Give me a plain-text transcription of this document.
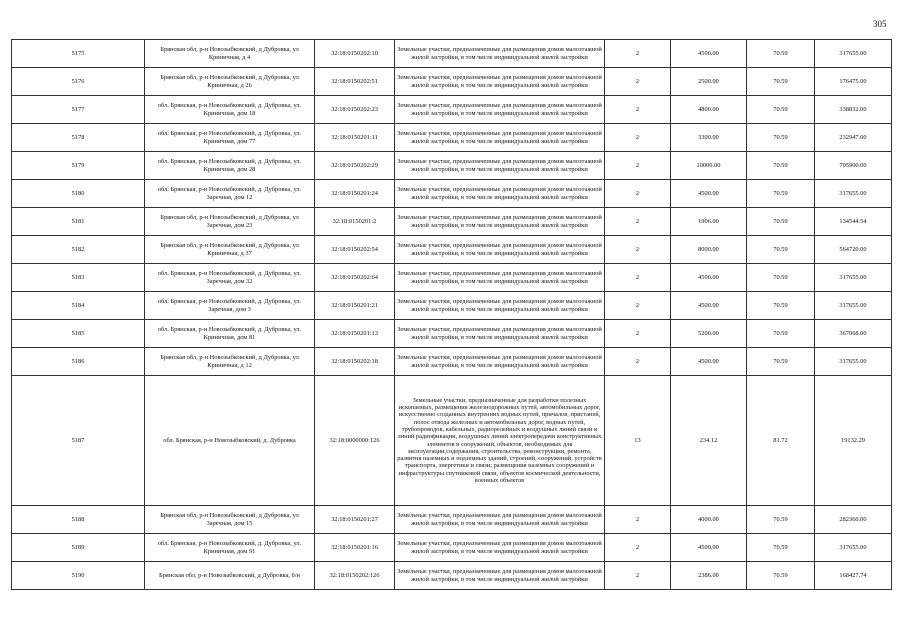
305
5175	Брянская обл, р-н Новозыбковский, д Дубровка, ул Криничная, д 4	32:18:0150202:10	Земельные участки, предназначенные для размещения домов малоэтажной жилой застройки, в том числе индивидуальной жилой застройки	2	4500.00	70.59	317655.00
5176	Брянская обл, р-н Новозыбковский, д Дубровка, ул Криничная, д 26	32:18:0150202:51	Земельные участки, предназначенные для размещения домов малоэтажной жилой застройки, в том числе индивидуальной жилой застройки	2	2500.00	70.59	176475.00
5177	обл. Брянская, р-н Новозыбковский, д. Дубровка, ул. Криничная, дом 18	32:18:0150202:23	Земельные участки, предназначенные для размещения домов малоэтажной жилой застройки, в том числе индивидуальной жилой застройки	2	4800.00	70.59	338832.00
5178	обл. Брянская, р-н Новозыбковский, д. Дубровка, ул. Криничная, дом 77	32:18:0150201:11	Земельные участки, предназначенные для размещения домов малоэтажной жилой застройки, в том числе индивидуальной жилой застройки	2	3300.00	70.59	232947.00
5179	обл. Брянская, р-н Новозыбковский, д. Дубровка, ул. Криничная, дом 28	32:18:0150202:29	Земельные участки, предназначенные для размещения домов малоэтажной жилой застройки, в том числе индивидуальной жилой застройки	2	10000.00	70.59	705900.00
5180	обл. Брянская, р-н Новозыбковский, д. Дубровка, ул. Заречная, дом 12	32:18:0150201:24	Земельные участки, предназначенные для размещения домов малоэтажной жилой застройки, в том числе индивидуальной жилой застройки	2	4500.00	70.59	317655.00
5181	Брянская обл, р-н Новозыбковский, д Дубровка, ул Заречная, дом 23	32:18:0150201:2	Земельные участки, предназначенные для размещения домов малоэтажной жилой застройки, в том числе индивидуальной жилой застройки	2	1906.00	70.59	134544.54
5182	Брянская обл, р-н Новозыбковский, д Дубровка, ул Криничная, д 37	32:18:0150202:54	Земельные участки, предназначенные для размещения домов малоэтажной жилой застройки, в том числе индивидуальной жилой застройки	2	8000.00	70.59	564720.00
5183	обл. Брянская, р-н Новозыбковский, д. Дубровка, ул. Заречная, дом 32	32:18:0150202:64	Земельные участки, предназначенные для размещения домов малоэтажной жилой застройки, в том числе индивидуальной жилой застройки	2	4500.00	70.59	317655.00
5184	обл. Брянская, р-н Новозыбковский, д. Дубровка, ул. Заречная, дом 3	32:18:0150201:21	Земельные участки, предназначенные для размещения домов малоэтажной жилой застройки, в том числе индивидуальной жилой застройки	2	4500.00	70.59	317655.00
5185	обл. Брянская, р-н Новозыбковский, д. Дубровка, ул. Криничная, дом 81	32:18:0150201:13	Земельные участки, предназначенные для размещения домов малоэтажной жилой застройки, в том числе индивидуальной жилой застройки	2	5200.00	70.59	367068.00
5186	Брянская обл, р-н Новозыбковский, д Дубровка, ул Криничная, д 12	32:18:0150202:18	Земельные участки, предназначенные для размещения домов малоэтажной жилой застройки, в том числе индивидуальной жилой застройки	2	4500.00	70.59	317655.00
5187	обл. Брянская, р-н Новозыбковский, д. Дубровка	32:18:0000000:126	Земельные участки, предназначенные для разработки полезных ископаемых, размещения железнодорожных путей, автомобильных дорог, искусственно созданных внутренних водных путей, причалов, пристаней, полос отвода железных и автомобильных дорог, водных путей, трубопроводов, кабельных, радиорелейных и воздушных линий связи и линий радиофикации, воздушных линий электропередачи конструктивных элементов и сооружений, объектов, необходимых для эксплуатации,содержания, строительства, реконструкции, ремонта, развития наземных и подземных зданий, строений, сооружений, устройств транспорта, энергетики и связи; размещения наземных сооружений и инфраструктуры спутниковой связи, объектов космической деятельности, военных объектов	13	234.12	81.72	19132.29
5188	Брянская обл, р-н Новозыбковский, д Дубровка, ул Заречная, дом 15	32:18:0150201:27	Земельные участки, предназначенные для размещения домов малоэтажной жилой застройки, в том числе индивидуальной жилой застройки	2	4000.00	70.59	282360.00
5189	обл. Брянская, р-н Новозыбковский, д. Дубровка, ул. Криничная, дом 91	32:18:0150201:16	Земельные участки, предназначенные для размещения домов малоэтажной жилой застройки, в том числе индивидуальной жилой застройки	2	4500.00	70.59	317655.00
5190	Брянская обл, р-н Новозыбковский, д Дубровка, б/н	32:18:0150202:126	Земельные участки, предназначенные для размещения домов малоэтажной жилой застройки, в том числе индивидуальной жилой застройки	2	2386.00	70.59	168427.74
